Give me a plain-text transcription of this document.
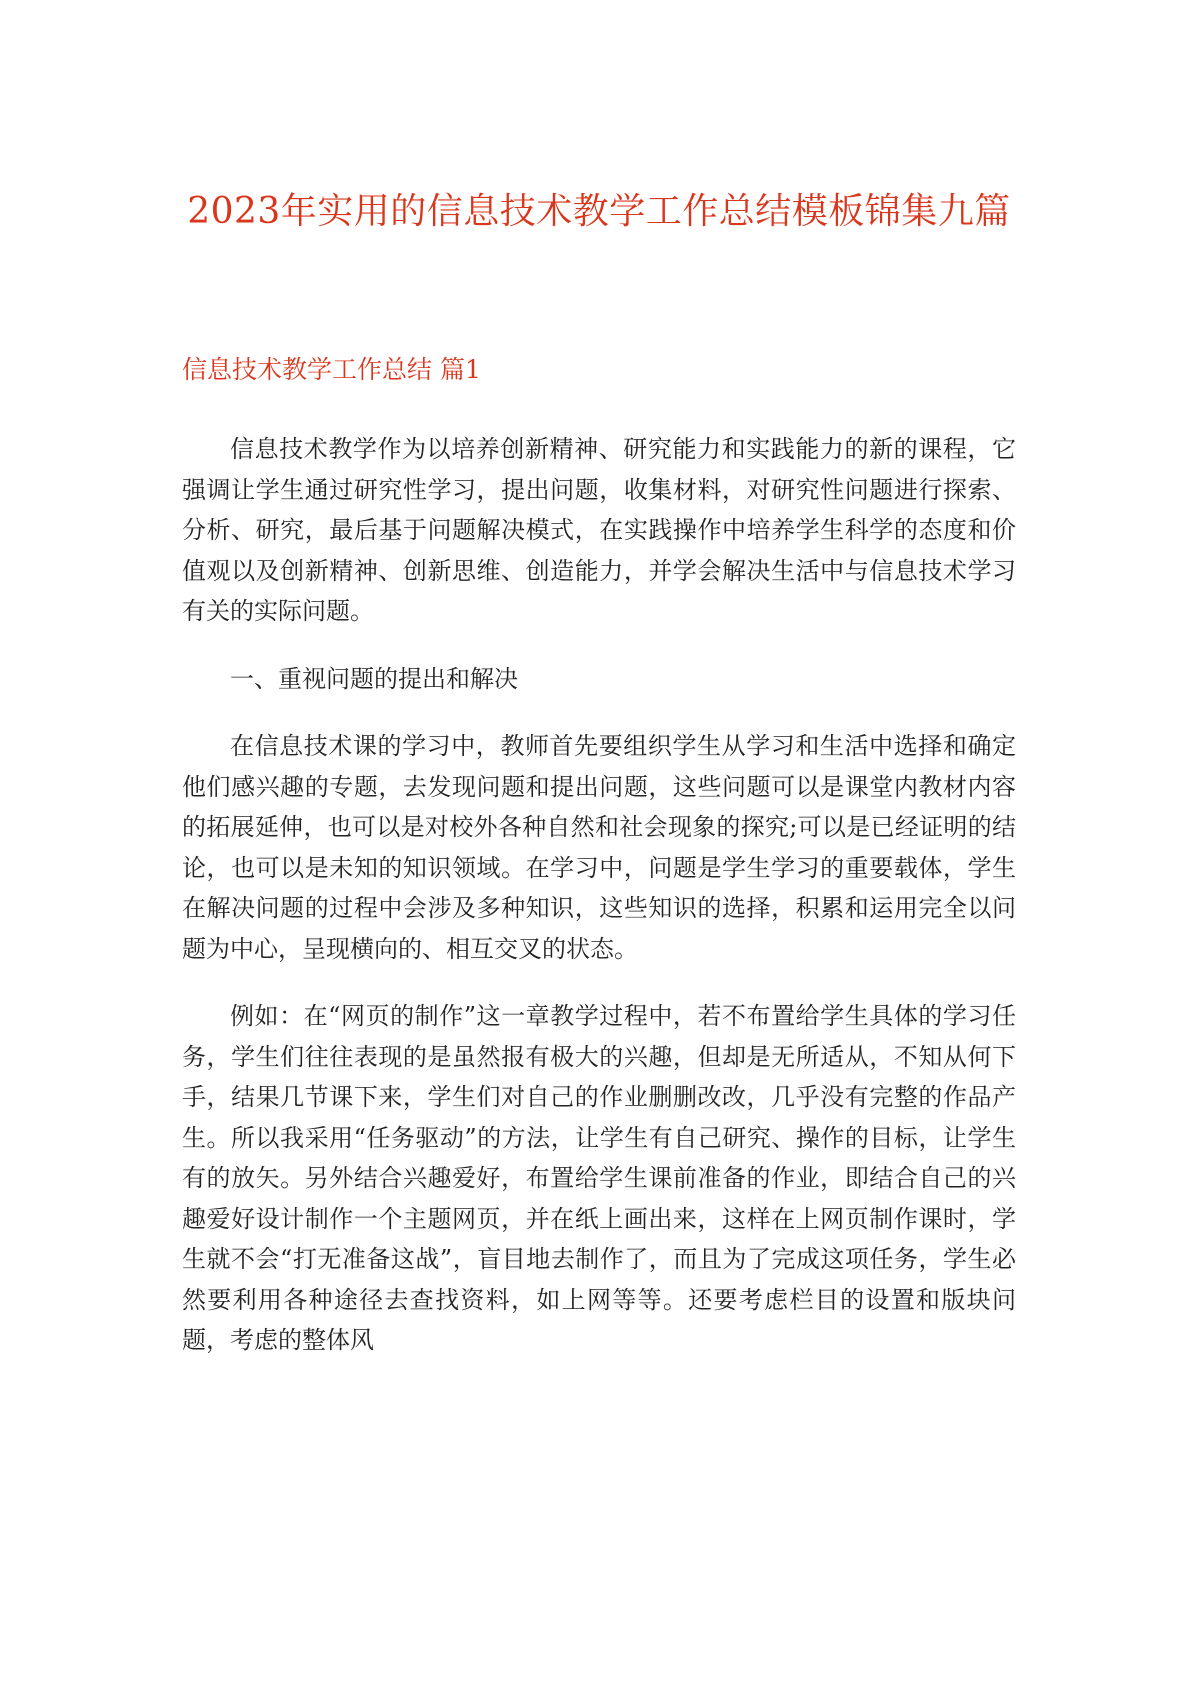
2023年实用的信息技术教学工作总结模板锦集九篇
信息技术教学工作总结 篇1

信息技术教学作为以培养创新精神、研究能力和实践能力的新的课程，它强调让学生通过研究性学习，提出问题，收集材料，对研究性问题进行探索、分析、研究，最后基于问题解决模式，在实践操作中培养学生科学的态度和价值观以及创新精神、创新思维、创造能力，并学会解决生活中与信息技术学习有关的实际问题。

一、重视问题的提出和解决

在信息技术课的学习中，教师首先要组织学生从学习和生活中选择和确定他们感兴趣的专题，去发现问题和提出问题，这些问题可以是课堂内教材内容的拓展延伸，也可以是对校外各种自然和社会现象的探究;可以是已经证明的结论，也可以是未知的知识领域。在学习中，问题是学生学习的重要载体，学生在解决问题的过程中会涉及多种知识，这些知识的选择，积累和运用完全以问题为中心，呈现横向的、相互交叉的状态。

例如：在“网页的制作”这一章教学过程中，若不布置给学生具体的学习任务，学生们往往表现的是虽然报有极大的兴趣，但却是无所适从，不知从何下手，结果几节课下来，学生们对自己的作业删删改改，几乎没有完整的作品产生。所以我采用“任务驱动”的方法，让学生有自己研究、操作的目标，让学生有的放矢。另外结合兴趣爱好，布置给学生课前准备的作业，即结合自己的兴趣爱好设计制作一个主题网页，并在纸上画出来，这样在上网页制作课时，学生就不会“打无准备这战”，盲目地去制作了，而且为了完成这项任务，学生必然要利用各种途径去查找资料，如上网等等。还要考虑栏目的设置和版块问题，考虑的整体风
